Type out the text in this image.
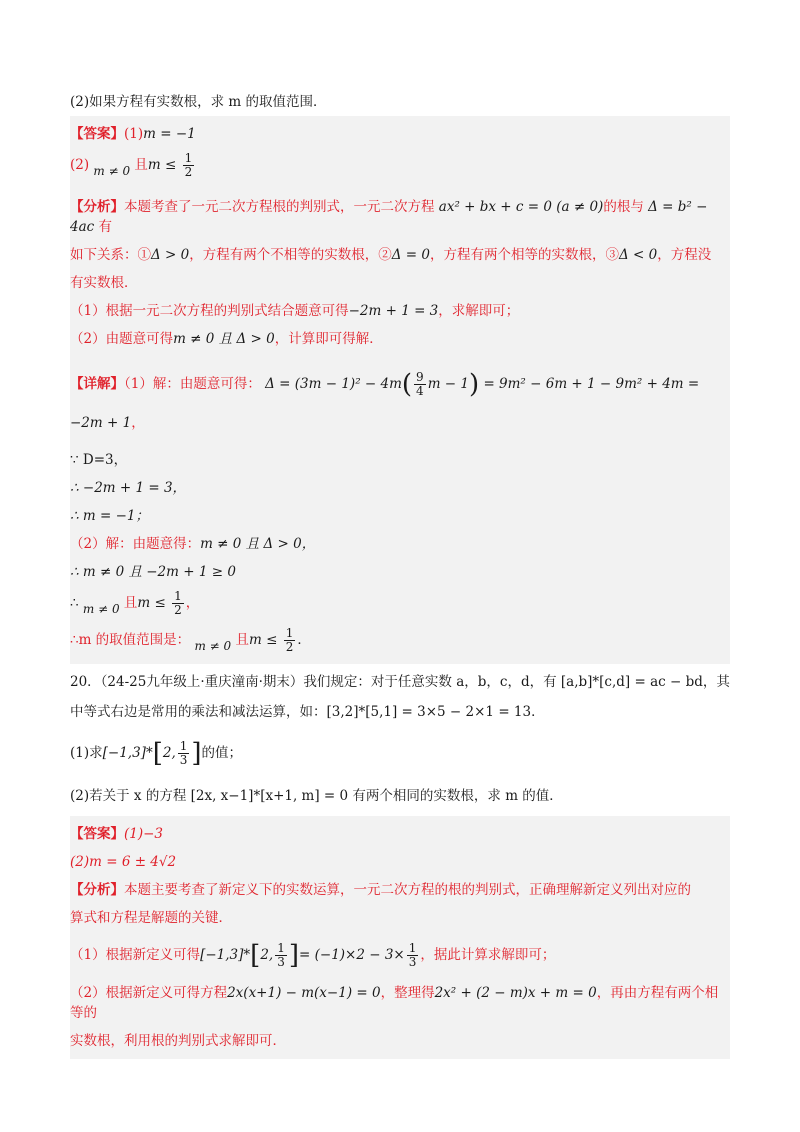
(2)如果方程有实数根，求 m 的取值范围．
【答案】(1)m = −1
(2) m ≠ 0 且$m \le \frac{1}{2}$
【分析】本题考查了一元二次方程根的判别式，一元二次方程 ax² + bx + c = 0 (a ≠ 0)的根与 Δ = b² − 4ac 有
如下关系：①Δ > 0，方程有两个不相等的实数根，②Δ = 0，方程有两个相等的实数根，③Δ < 0，方程没
有实数根．
（1）根据一元二次方程的判别式结合题意可得−2m + 1 = 3，求解即可；
（2）由题意可得m ≠ 0 且 Δ > 0，计算即可得解．
【详解】（1）解：由题意可得： $\Delta = (3m - 1)^2 - 4m( \frac{9}{4}$ m − 1) = 9m² − 6m + 1 − 9m² + 4m = −2m + 1，
∵ D=3，
∴ −2m + 1 = 3，
∴ m = −1；
（2）解：由题意得：m ≠ 0 且 Δ > 0，
∴ m ≠ 0 且 −2m + 1 ≥ 0
∴ m ≠ 0 且$m \le \frac{1}{2}$ ，
∴m 的取值范围是： m ≠ 0 且$m \le \frac{1}{2}$ ．
20．（24-25九年级上·重庆潼南·期末）我们规定：对于任意实数 a，b，c，d，有 [a,b]*[c,d] = ac − bd，其
中等式右边是常用的乘法和减法运算，如：[3,2]*[5,1] = 3×5 − 2×1 = 13．
(1)求[−1,3]*[2, $\frac{1}{3}$ ]的值；
(2)若关于 x 的方程 [2x, x−1]*[x+1, m] = 0 有两个相同的实数根，求 m 的值．
【答案】(1)−3
(2)m = 6 ± 4√2
【分析】本题主要考查了新定义下的实数运算，一元二次方程的根的判别式，正确理解新定义列出对应的
算式和方程是解题的关键．
（1）根据新定义可得[−1,3]*[2, $\frac{1}{3}$ ]= $(-1)\times 2 - 3\times \frac{1}{3}$ ，据此计算求解即可；
（2）根据新定义可得方程2x(x+1) − m(x−1) = 0，整理得2x² + (2 − m)x + m = 0，再由方程有两个相等的
实数根，利用根的判别式求解即可．
